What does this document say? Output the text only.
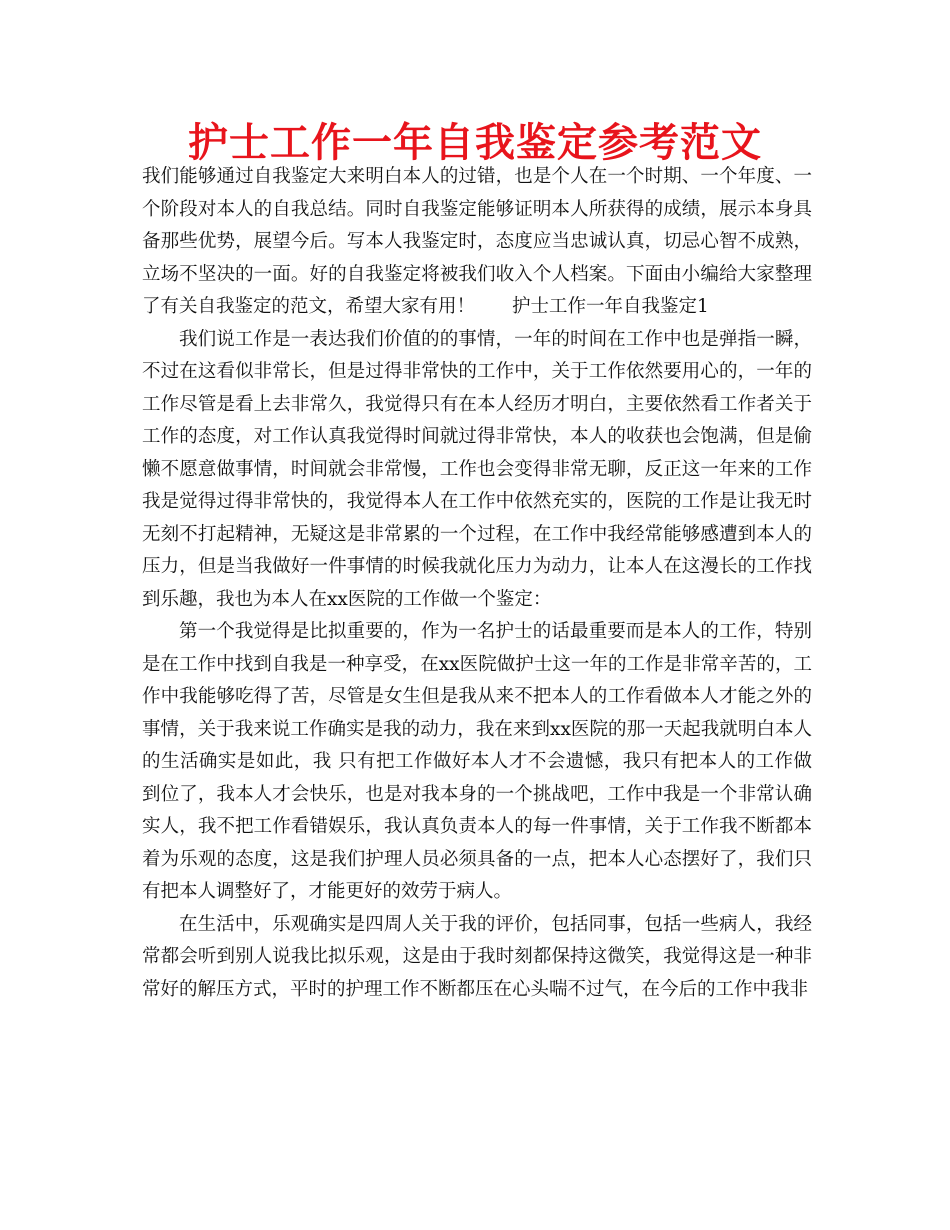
护士工作一年自我鉴定参考范文

我们能够通过自我鉴定大来明白本人的过错，也是个人在一个时期、一个年度、一个阶段对本人的自我总结。同时自我鉴定能够证明本人所获得的成绩，展示本身具备那些优势，展望今后。写本人我鉴定时，态度应当忠诚认真，切忌心智不成熟，立场不坚决的一面。好的自我鉴定将被我们收入个人档案。下面由小编给大家整理了有关自我鉴定的范文，希望大家有用！　　护士工作一年自我鉴定1

我们说工作是一表达我们价值的的事情，一年的时间在工作中也是弹指一瞬，不过在这看似非常长，但是过得非常快的工作中，关于工作依然要用心的，一年的工作尽管是看上去非常久，我觉得只有在本人经历才明白，主要依然看工作者关于工作的态度，对工作认真我觉得时间就过得非常快，本人的收获也会饱满，但是偷懒不愿意做事情，时间就会非常慢，工作也会变得非常无聊，反正这一年来的工作我是觉得过得非常快的，我觉得本人在工作中依然充实的，医院的工作是让我无时无刻不打起精神，无疑这是非常累的一个过程，在工作中我经常能够感遭到本人的压力，但是当我做好一件事情的时候我就化压力为动力，让本人在这漫长的工作找到乐趣，我也为本人在xx医院的工作做一个鉴定：

第一个我觉得是比拟重要的，作为一名护士的话最重要而是本人的工作，特别是在工作中找到自我是一种享受，在xx医院做护士这一年的工作是非常辛苦的，工作中我能够吃得了苦，尽管是女生但是我从来不把本人的工作看做本人才能之外的事情，关于我来说工作确实是我的动力，我在来到xx医院的那一天起我就明白本人的生活确实是如此，我 只有把工作做好本人才不会遗憾，我只有把本人的工作做到位了，我本人才会快乐，也是对我本身的一个挑战吧，工作中我是一个非常认确实人，我不把工作看错娱乐，我认真负责本人的每一件事情，关于工作我不断都本着为乐观的态度，这是我们护理人员必须具备的一点，把本人心态摆好了，我们只有把本人调整好了，才能更好的效劳于病人。

在生活中，乐观确实是四周人关于我的评价，包括同事，包括一些病人，我经常都会听到别人说我比拟乐观，这是由于我时刻都保持这微笑，我觉得这是一种非常好的解压方式，平时的护理工作不断都压在心头喘不过气，在今后的工作中我非
